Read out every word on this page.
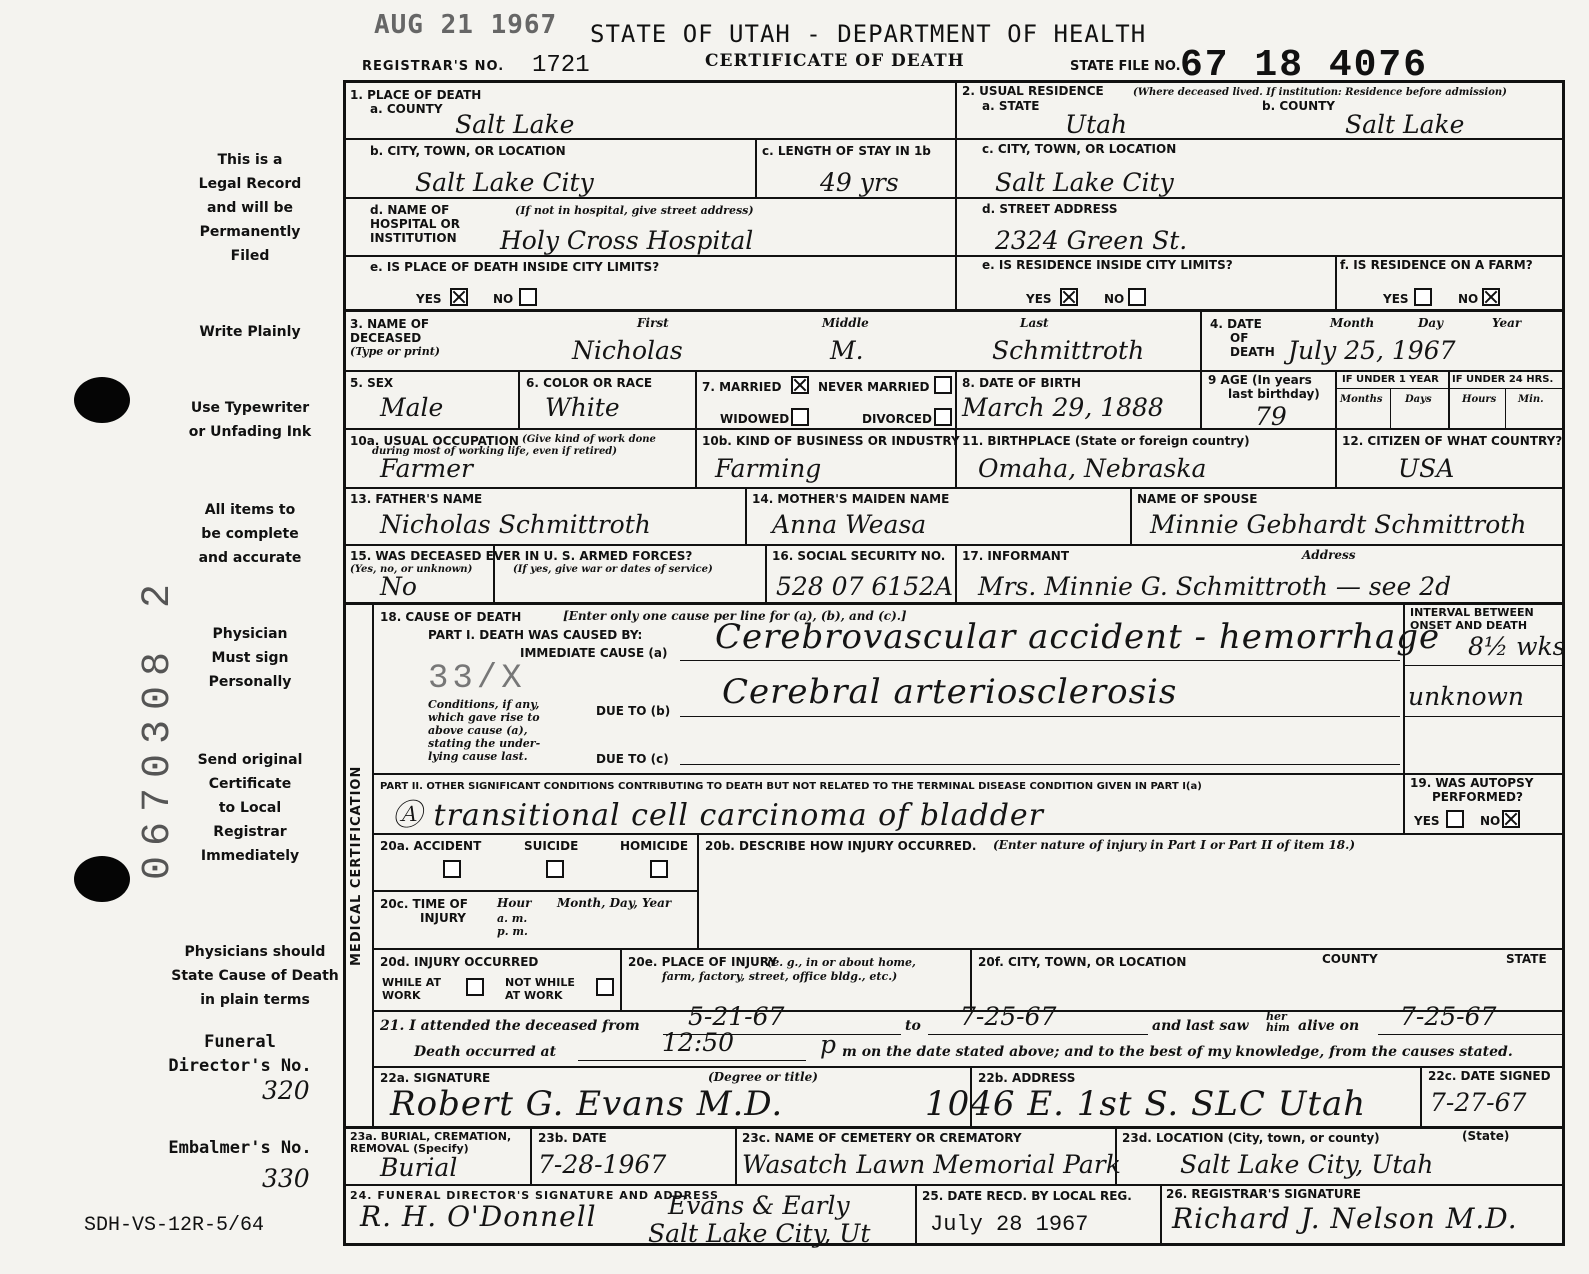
AUG 21 1967 STATE OF UTAH - DEPARTMENT OF HEALTH
REGISTRAR'S NO. 1721	CERTIFICATE OF DEATH	STATE FILE NO. 67 18 4076
This is a
Legal Record
and will be
Permanently
Filed
Write Plainly
Use Typewriter
or Unfading Ink
All items to
be complete
and accurate
Physician
Must sign
Personally
Send original
Certificate
to Local
Registrar
Immediately
Physicians should
State Cause of Death
in plain terms
Funeral
Director's No.
320
Embalmer's No.
330
0670308 2
SDH-VS-12R-5/64
1. PLACE OF DEATH
a. COUNTY
Salt Lake
b. CITY, TOWN, OR LOCATION
Salt Lake City
c. LENGTH OF STAY IN 1b
49 yrs
d. NAME OF
HOSPITAL OR
INSTITUTION
(If not in hospital, give street address)
Holy Cross Hospital
e. IS PLACE OF DEATH INSIDE CITY LIMITS?
YES	NO
2. USUAL RESIDENCE	(Where deceased lived. If institution: Residence before admission)
a. STATE
Utah
b. COUNTY
Salt Lake
c. CITY, TOWN, OR LOCATION
Salt Lake City
d. STREET ADDRESS
2324 Green St.
e. IS RESIDENCE INSIDE CITY LIMITS?
YES	NO
f. IS RESIDENCE ON A FARM?
YES	NO
3. NAME OF
DECEASED
(Type or print)
First	Middle	Last
Nicholas	M.	Schmittroth
4. DATE
OF
DEATH
Month	Day	Year
July 25, 1967
5. SEX
Male
6. COLOR OR RACE
White
7. MARRIED	NEVER MARRIED
WIDOWED	DIVORCED
8. DATE OF BIRTH
March 29, 1888
9 AGE (In years
last birthday)
79
IF UNDER 1 YEAR IF UNDER 24 HRS.
Months Days	Hours Min.
10a. USUAL OCCUPATION (Give kind of work done
during most of working life, even if retired)
Farmer
10b. KIND OF BUSINESS OR INDUSTRY
Farming
11. BIRTHPLACE (State or foreign country)
Omaha, Nebraska
12. CITIZEN OF WHAT COUNTRY?
USA
13. FATHER'S NAME
Nicholas Schmittroth
14. MOTHER'S MAIDEN NAME
Anna Weasa
NAME OF SPOUSE
Minnie Gebhardt Schmittroth
15. WAS DECEASED EVER IN U. S. ARMED FORCES?
(Yes, no, or unknown)	(If yes, give war or dates of service)
No
16. SOCIAL SECURITY NO.
528 07 6152A
17. INFORMANT	Address
Mrs. Minnie G. Schmittroth — see 2d
MEDICAL CERTIFICATION
18. CAUSE OF DEATH	[Enter only one cause per line for (a), (b), and (c).]
PART I. DEATH WAS CAUSED BY:
IMMEDIATE CAUSE (a) Cerebrovascular accident - hemorrhage
INTERVAL BETWEEN
ONSET AND DEATH
8½ wks
33/X
Conditions, if any,
which gave rise to
above cause (a),
stating the under-
lying cause last.
DUE TO (b) Cerebral arteriosclerosis	unknown
DUE TO (c)
PART II. OTHER SIGNIFICANT CONDITIONS CONTRIBUTING TO DEATH BUT NOT RELATED TO THE TERMINAL DISEASE CONDITION GIVEN IN PART I(a)
Ⓐ transitional cell carcinoma of bladder
19. WAS AUTOPSY
PERFORMED?
YES	NO
20a. ACCIDENT	SUICIDE	HOMICIDE 20b. DESCRIBE HOW INJURY OCCURRED. (Enter nature of injury in Part I or Part II of item 18.)
20c. TIME OF
INJURY
Hour
a. m.
p. m.
Month, Day, Year
20d. INJURY OCCURRED
WHILE AT
WORK
NOT WHILE
AT WORK
20e. PLACE OF INJURY
(e. g., in or about home,
farm, factory, street, office bldg., etc.)
20f. CITY, TOWN, OR LOCATION	COUNTY	STATE
21. I attended the deceased from 5-21-67	to 7-25-67	and last saw
her
him alive on 7-25-67
Death occurred at	12:50	p m on the date stated above; and to the best of my knowledge, from the causes stated.
22a. SIGNATURE	(Degree or title)
Robert G. Evans M.D.
22b. ADDRESS
1046 E. 1st S. SLC Utah
22c. DATE SIGNED
7-27-67
23a. BURIAL, CREMATION,
REMOVAL (Specify)
Burial
23b. DATE
7-28-1967
23c. NAME OF CEMETERY OR CREMATORY
Wasatch Lawn Memorial Park
23d. LOCATION (City, town, or county)	(State)
Salt Lake City, Utah
24. FUNERAL DIRECTOR'S SIGNATURE AND ADDRESS
R. H. O'Donnell	Evans & Early
Salt Lake City, Ut
25. DATE RECD. BY LOCAL REG.
July 28 1967
26. REGISTRAR'S SIGNATURE
Richard J. Nelson M.D.
